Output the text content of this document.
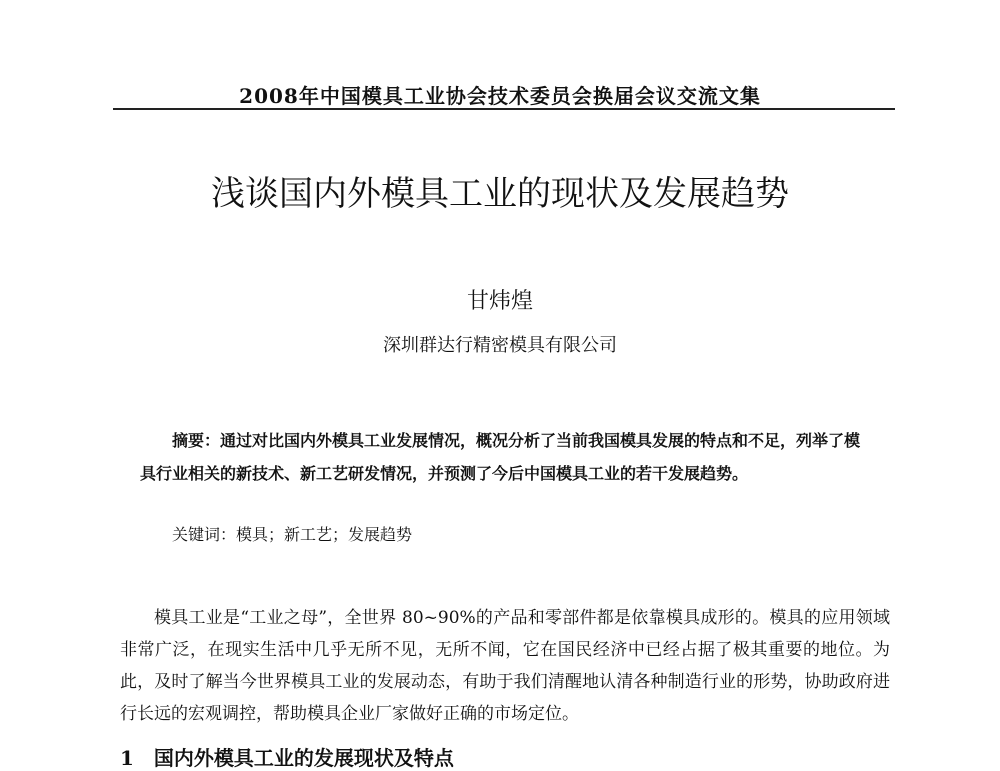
2008年中国模具工业协会技术委员会换届会议交流文集
浅谈国内外模具工业的现状及发展趋势
甘炜煌
深圳群达行精密模具有限公司
摘要：通过对比国内外模具工业发展情况，概况分析了当前我国模具发展的特点和不足，列举了模具行业相关的新技术、新工艺研发情况，并预测了今后中国模具工业的若干发展趋势。
关键词：模具；新工艺；发展趋势
模具工业是“工业之母”，全世界 80~90%的产品和零部件都是依靠模具成形的。模具的应用领域非常广泛，在现实生活中几乎无所不见，无所不闻，它在国民经济中已经占据了极其重要的地位。为此，及时了解当今世界模具工业的发展动态，有助于我们清醒地认清各种制造行业的形势，协助政府进行长远的宏观调控，帮助模具企业厂家做好正确的市场定位。
1　国内外模具工业的发展现状及特点
